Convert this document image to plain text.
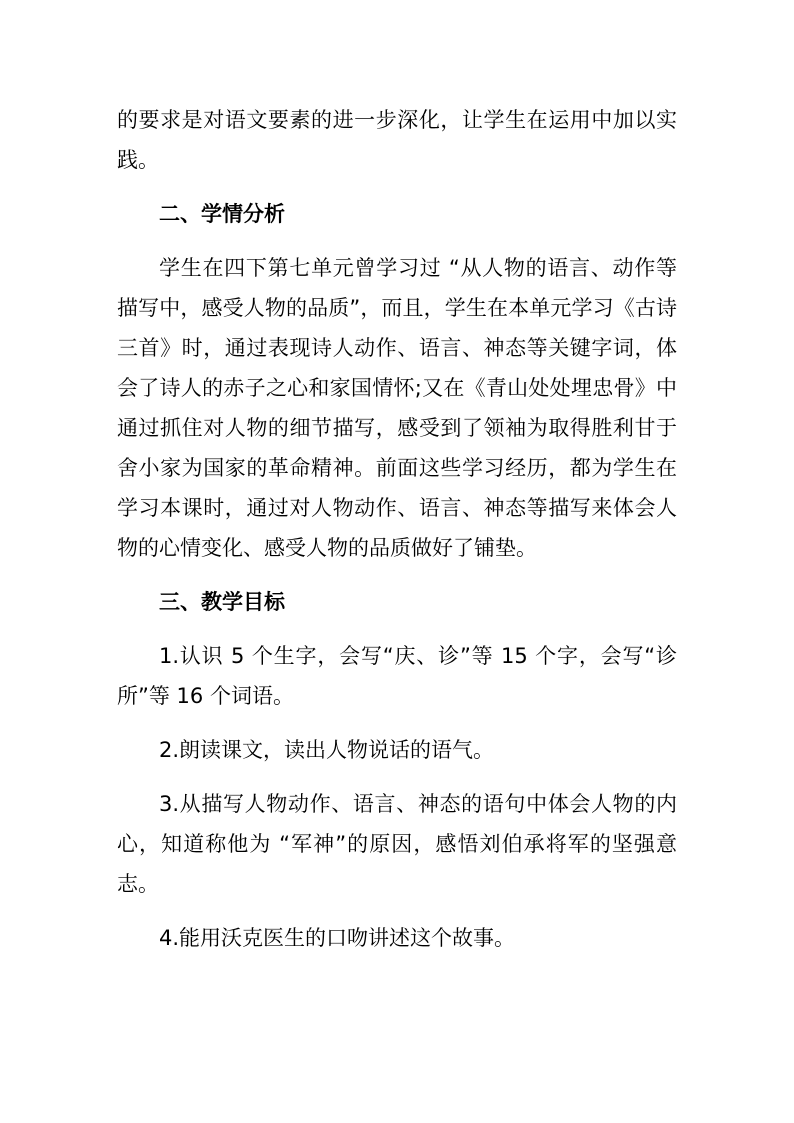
的要求是对语文要素的进一步深化，让学生在运用中加以实践。

二、学情分析

学生在四下第七单元曾学习过 “从人物的语言、动作等描写中，感受人物的品质”，而且，学生在本单元学习《古诗三首》时，通过表现诗人动作、语言、神态等关键字词，体会了诗人的赤子之心和家国情怀;又在《青山处处埋忠骨》中通过抓住对人物的细节描写，感受到了领袖为取得胜利甘于舍小家为国家的革命精神。前面这些学习经历，都为学生在学习本课时，通过对人物动作、语言、神态等描写来体会人物的心情变化、感受人物的品质做好了铺垫。

三、教学目标

1.认识 5 个生字，会写“庆、诊”等 15 个字，会写“诊所”等 16 个词语。

2.朗读课文，读出人物说话的语气。

3.从描写人物动作、语言、神态的语句中体会人物的内心，知道称他为 “军神”的原因，感悟刘伯承将军的坚强意志。

4.能用沃克医生的口吻讲述这个故事。
